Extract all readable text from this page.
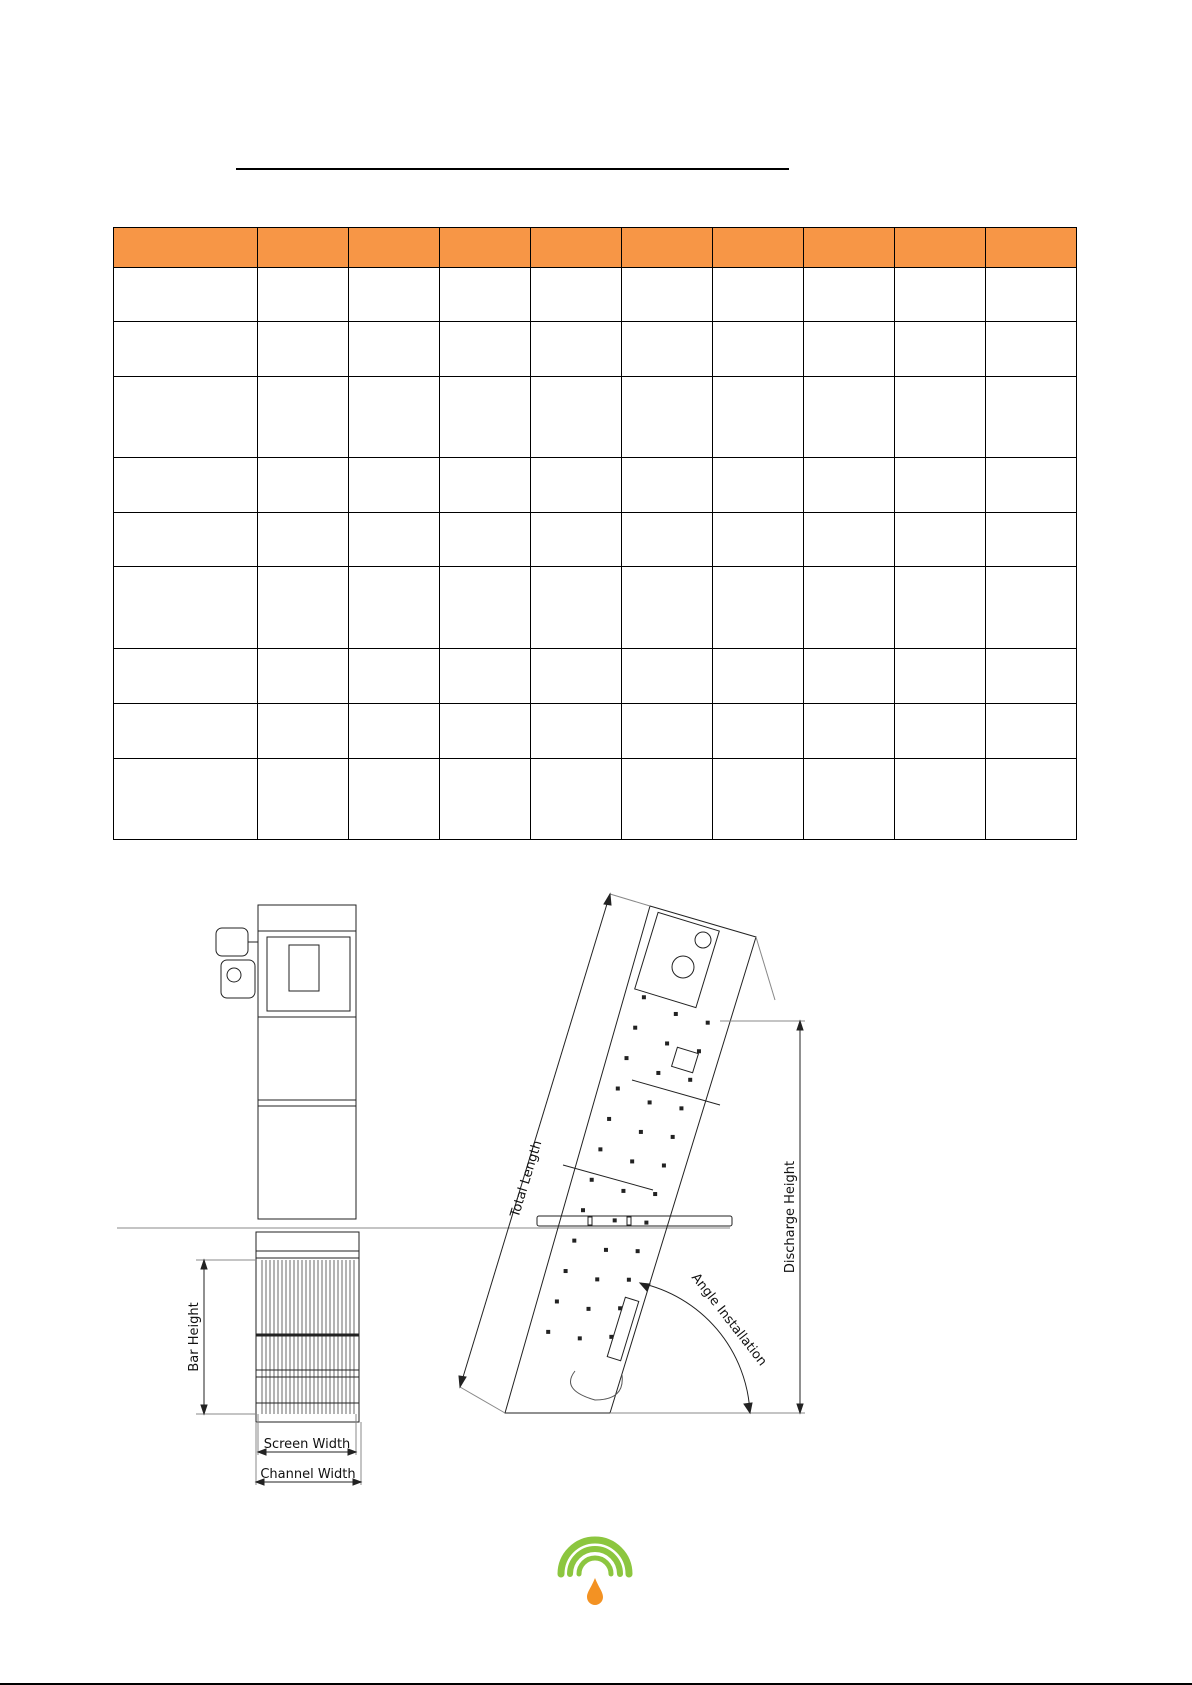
Bar Height
Screen Width
Channel Width
Total Length	Discharge Height
Angle Installation
